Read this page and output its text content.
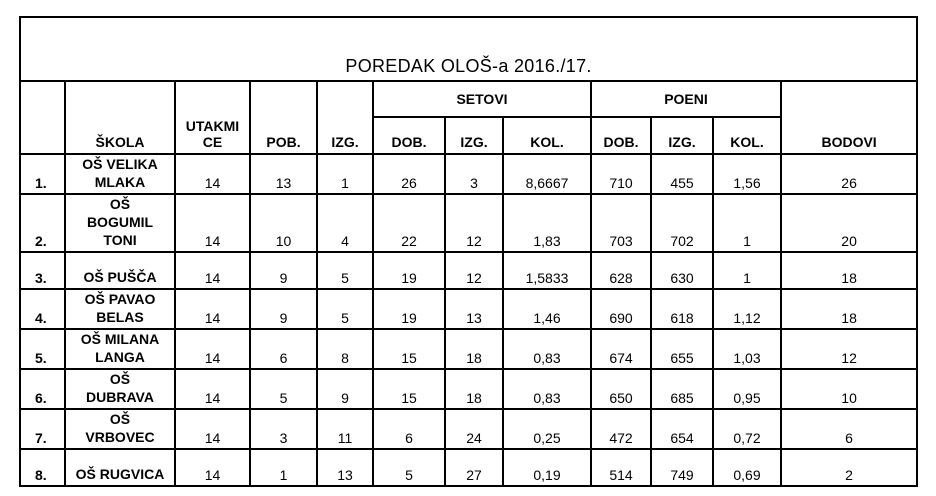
POREDAK OLOŠ-a 2016./17.											
	ŠKOLA	UTAKMI
CE	POB.	IZG.	SETOVI			POENI			BODOVI
					DOB.	IZG.	KOL.	DOB.	IZG.	KOL.	
1.	OŠ VELIKA
MLAKA	14	13	1	26	3	8,6667	710	455	1,56	26
2.	OŠ
BOGUMIL
TONI	14	10	4	22	12	1,83	703	702	1	20
3.	OŠ PUŠČA	14	9	5	19	12	1,5833	628	630	1	18
4.	OŠ PAVAO
BELAS	14	9	5	19	13	1,46	690	618	1,12	18
5.	OŠ MILANA
LANGA	14	6	8	15	18	0,83	674	655	1,03	12
6.	OŠ
DUBRAVA	14	5	9	15	18	0,83	650	685	0,95	10
7.	OŠ
VRBOVEC	14	3	11	6	24	0,25	472	654	0,72	6
8.	OŠ RUGVICA	14	1	13	5	27	0,19	514	749	0,69	2
